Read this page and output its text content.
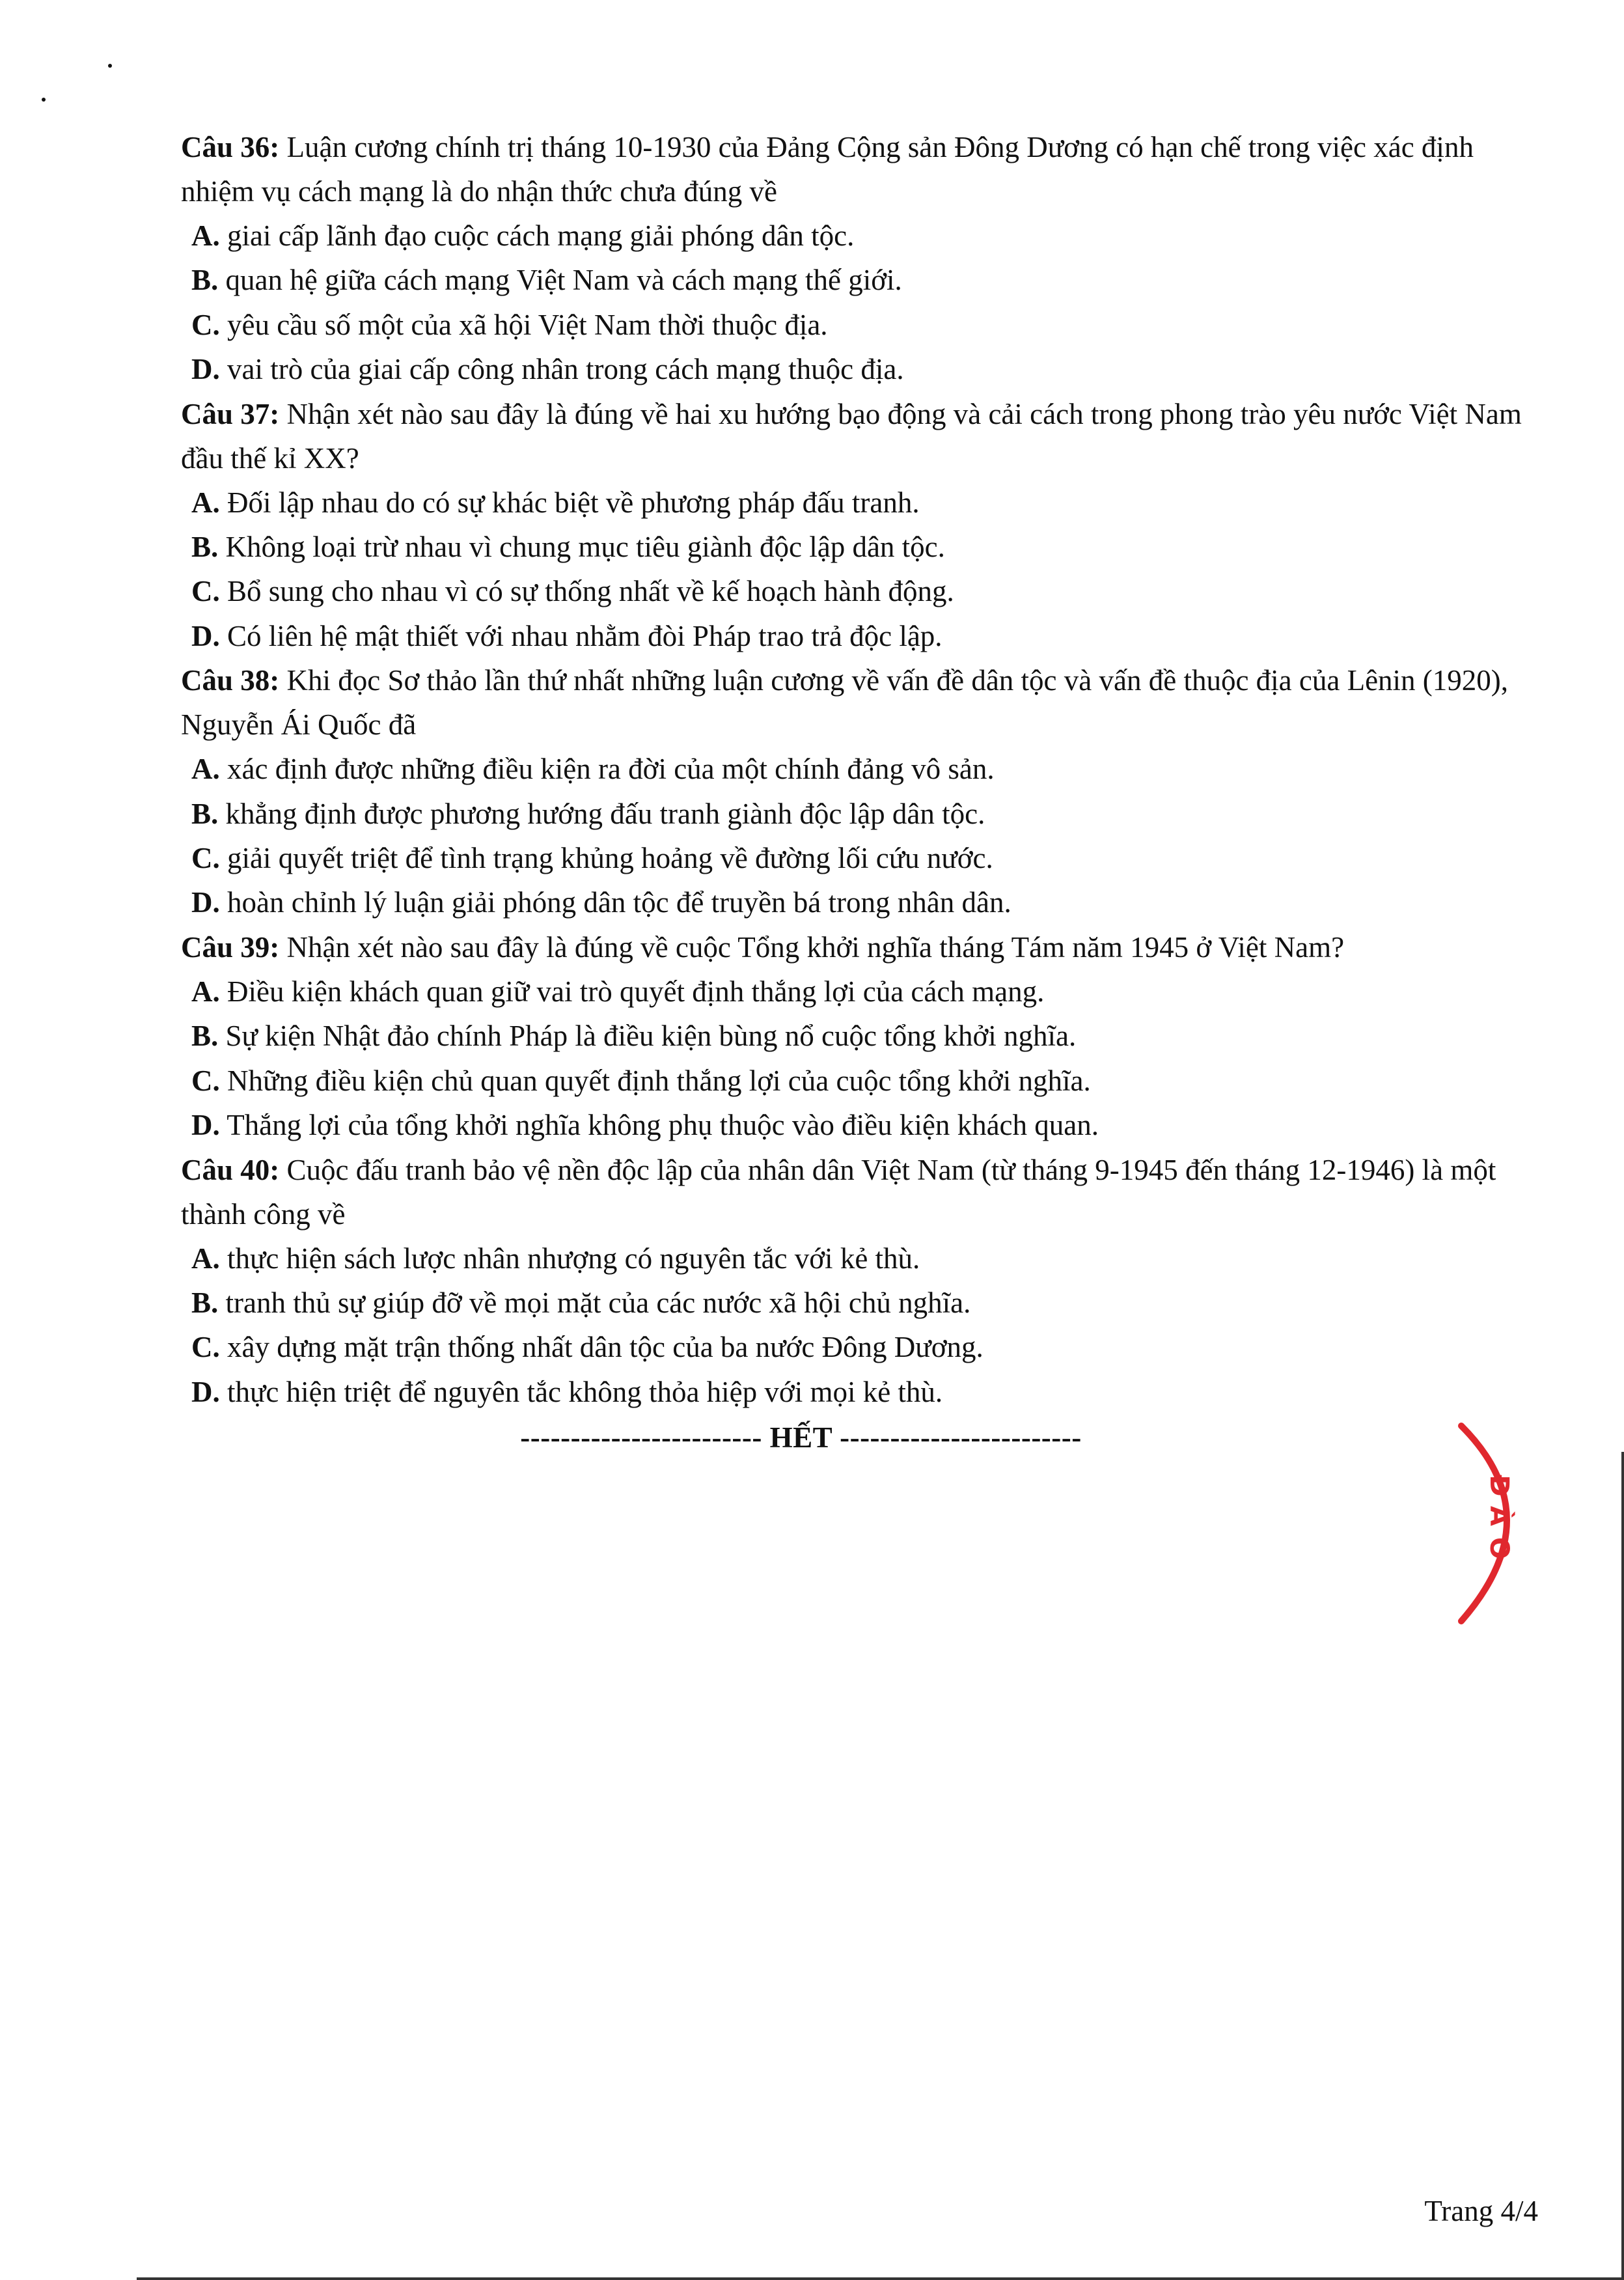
Câu 36: Luận cương chính trị tháng 10-1930 của Đảng Cộng sản Đông Dương có hạn chế trong việc xác định nhiệm vụ cách mạng là do nhận thức chưa đúng về

A. giai cấp lãnh đạo cuộc cách mạng giải phóng dân tộc.

B. quan hệ giữa cách mạng Việt Nam và cách mạng thế giới.

C. yêu cầu số một của xã hội Việt Nam thời thuộc địa.

D. vai trò của giai cấp công nhân trong cách mạng thuộc địa.

Câu 37: Nhận xét nào sau đây là đúng về hai xu hướng bạo động và cải cách trong phong trào yêu nước Việt Nam đầu thế kỉ XX?

A. Đối lập nhau do có sự khác biệt về phương pháp đấu tranh.

B. Không loại trừ nhau vì chung mục tiêu giành độc lập dân tộc.

C. Bổ sung cho nhau vì có sự thống nhất về kế hoạch hành động.

D. Có liên hệ mật thiết với nhau nhằm đòi Pháp trao trả độc lập.

Câu 38: Khi đọc Sơ thảo lần thứ nhất những luận cương về vấn đề dân tộc và vấn đề thuộc địa của Lênin (1920), Nguyễn Ái Quốc đã

A. xác định được những điều kiện ra đời của một chính đảng vô sản.

B. khẳng định được phương hướng đấu tranh giành độc lập dân tộc.

C. giải quyết triệt để tình trạng khủng hoảng về đường lối cứu nước.

D. hoàn chỉnh lý luận giải phóng dân tộc để truyền bá trong nhân dân.

Câu 39: Nhận xét nào sau đây là đúng về cuộc Tổng khởi nghĩa tháng Tám năm 1945 ở Việt Nam?

A. Điều kiện khách quan giữ vai trò quyết định thắng lợi của cách mạng.

B. Sự kiện Nhật đảo chính Pháp là điều kiện bùng nổ cuộc tổng khởi nghĩa.

C. Những điều kiện chủ quan quyết định thắng lợi của cuộc tổng khởi nghĩa.

D. Thắng lợi của tổng khởi nghĩa không phụ thuộc vào điều kiện khách quan.

Câu 40: Cuộc đấu tranh bảo vệ nền độc lập của nhân dân Việt Nam (từ tháng 9-1945 đến tháng 12-1946) là một thành công về

A. thực hiện sách lược nhân nhượng có nguyên tắc với kẻ thù.

B. tranh thủ sự giúp đỡ về mọi mặt của các nước xã hội chủ nghĩa.

C. xây dựng mặt trận thống nhất dân tộc của ba nước Đông Dương.

D. thực hiện triệt để nguyên tắc không thỏa hiệp với mọi kẻ thù.

------------------------ HẾT ------------------------
Đ
À
O
Trang 4/4
